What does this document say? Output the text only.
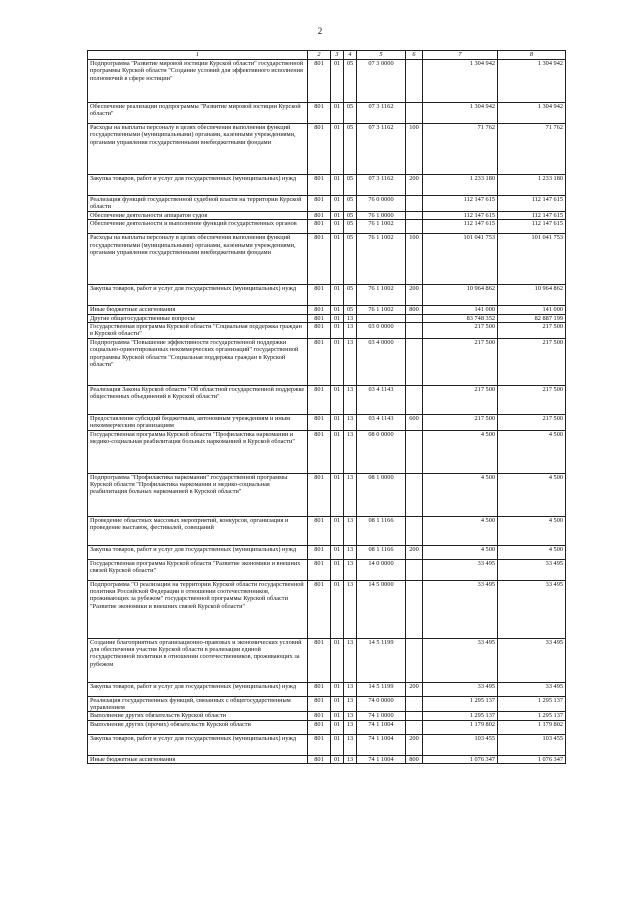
2
1	2	3	4	5	6	7	8
Подпрограмма "Развитие мировой юстиции Курской области" государственной программы Курской области "Создание условий для эффективного исполнения полномочий в сфере юстиции"	801	01	05	07 3 0000		1 304 942	1 304 942
Обеспечение реализации подпрограммы "Развитие мировой юстиции Курской области"	801	01	05	07 3 1162		1 304 942	1 304 942
Расходы на выплаты персоналу в целях обеспечения выполнения функций государственными (муниципальными) органами, казенными учреждениями, органами управления государственными внебюджетными фондами	801	01	05	07 3 1162	100	71 762	71 762
Закупка товаров, работ и услуг для государственных (муниципальных) нужд	801	01	05	07 3 1162	200	1 233 180	1 233 180
Реализация функций государственной судебной власти на территории Курской области	801	01	05	76 0 0000		112 147 615	112 147 615
Обеспечение деятельности аппаратов судов	801	01	05	76 1 0000		112 147 615	112 147 615
Обеспечение деятельности и выполнение функций государственных органов	801	01	05	76 1 1002		112 147 615	112 147 615
Расходы на выплаты персоналу в целях обеспечения выполнения функций государственными (муниципальными) органами, казенными учреждениями, органами управления государственными внебюджетными фондами	801	01	05	76 1 1002	100	101 041 753	101 041 753
Закупка товаров, работ и услуг для государственных (муниципальных) нужд	801	01	05	76 1 1002	200	10 964 862	10 964 862
Иные бюджетные ассигнования	801	01	05	76 1 1002	800	141 000	141 000
Другие общегосударственные вопросы	801	01	13			83 748 352	82 887 199
Государственная программа Курской области "Социальная поддержка граждан в Курской области"	801	01	13	03 0 0000		217 500	217 500
Подпрограмма "Повышение эффективности государственной поддержки социально-ориентированных некоммерческих организаций" государственной программы Курской области "Социальная поддержка граждан в Курской области"	801	01	13	03 4 0000		217 500	217 500
Реализация Закона Курской области "Об областной государственной поддержке общественных объединений в Курской области"	801	01	13	03 4 1143		217 500	217 500
Предоставление субсидий бюджетным, автономным учреждениям и иным некоммерческим организациям	801	01	13	03 4 1143	600	217 500	217 500
Государственная программа Курской области "Профилактика наркомании и медико-социальная реабилитация больных наркоманией в Курской области"	801	01	13	08 0 0000		4 500	4 500
Подпрограмма "Профилактика наркомании" государственной программы Курской области "Профилактика наркомании и медико-социальная реабилитация больных наркоманией в Курской области"	801	01	13	08 1 0000		4 500	4 500
Проведение областных массовых мероприятий, конкурсов, организация и проведение выставок, фестивалей, совещаний	801	01	13	08 1 1166		4 500	4 500
Закупка товаров, работ и услуг для государственных (муниципальных) нужд	801	01	13	08 1 1166	200	4 500	4 500
Государственная программа Курской области "Развитие экономики и внешних связей Курской области"	801	01	13	14 0 0000		33 495	33 495
Подпрограмма "О реализации на территории Курской области государственной политики Российской Федерации в отношении соотечественников, проживающих за рубежом" государственной программы Курской области "Развитие экономики и внешних связей Курской области"	801	01	13	14 5 0000		33 495	33 495
Создание благоприятных организационно-правовых и экономических условий для обеспечения участия Курской области в реализации единой государственной политики в отношении соотечественников, проживающих за рубежом	801	01	13	14 5 1199		33 495	33 495
Закупка товаров, работ и услуг для государственных (муниципальных) нужд	801	01	13	14 5 1199	200	33 495	33 495
Реализация государственных функций, связанных с общегосударственным управлением	801	01	13	74 0 0000		1 295 137	1 295 137
Выполнение других обязательств Курской области	801	01	13	74 1 0000		1 295 137	1 295 137
Выполнение других (прочих) обязательств Курской области	801	01	13	74 1 1004		1 179 802	1 179 802
Закупка товаров, работ и услуг для государственных (муниципальных) нужд	801	01	13	74 1 1004	200	103 455	103 455
Иные бюджетные ассигнования	801	01	13	74 1 1004	800	1 076 347	1 076 347
